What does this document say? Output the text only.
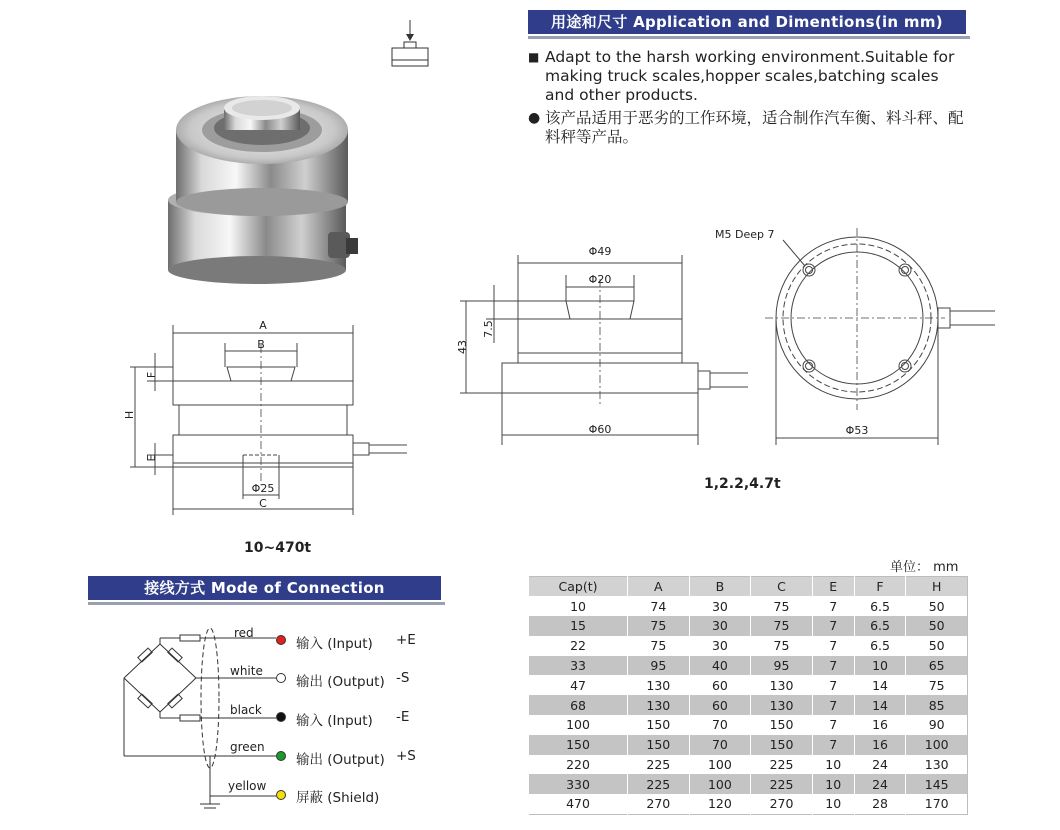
用途和尺寸 Application and Dimentions(in mm)
■ Adapt to the harsh working environment.Suitable for making truck scales,hopper scales,batching scales and other products.
● 该产品适用于恶劣的工作环境，适合制作汽车衡、料斗秤、配料秤等产品。
A
B
C
Φ25
H
F
E
10~470t
Φ49
Φ20
Φ60
43
7.5
M5 Deep 7
Φ53
1,2.2,4.7t
接线方式 Mode of Connection
red
white
black
green
yellow
输入 (Input)
输出 (Output)
输入 (Input)
输出 (Output)
屏蔽 (Shield)
+E
-S
-E
+S
单位： mm
Cap(t)	A	B	C	E	F	H
10	74	30	75	7	6.5	50
15	75	30	75	7	6.5	50
22	75	30	75	7	6.5	50
33	95	40	95	7	10	65
47	130	60	130	7	14	75
68	130	60	130	7	14	85
100	150	70	150	7	16	90
150	150	70	150	7	16	100
220	225	100	225	10	24	130
330	225	100	225	10	24	145
470	270	120	270	10	28	170
